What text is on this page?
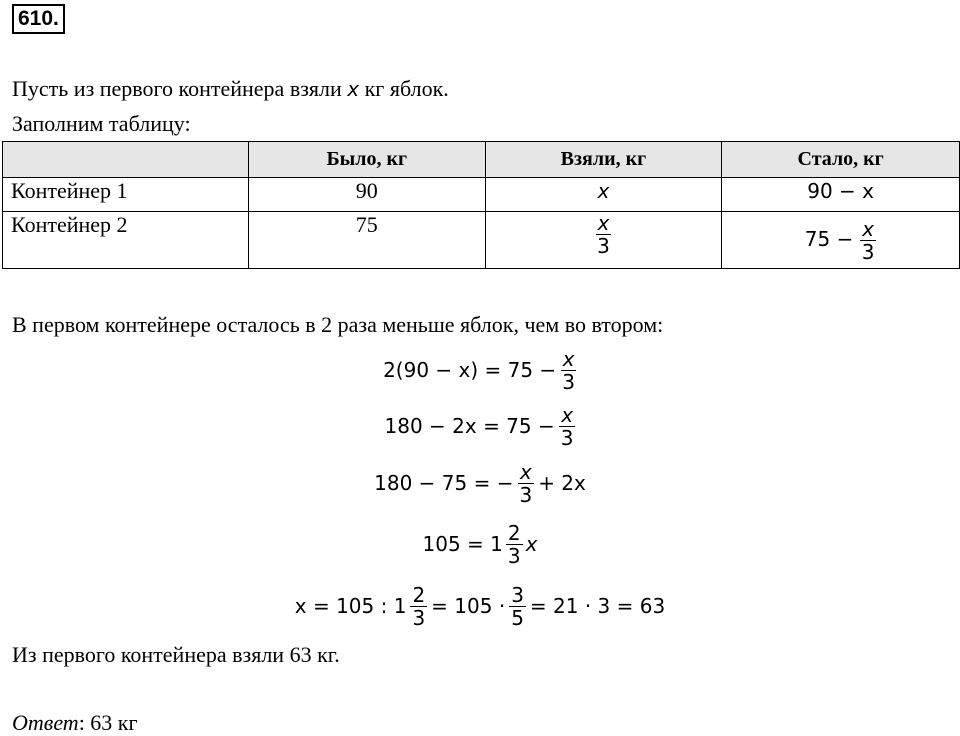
610.
Пусть из первого контейнера взяли x кг яблок.
Заполним таблицу:
	Было, кг	Взяли, кг	Стало, кг
Контейнер 1	90	x	90 − x
Контейнер 2	75	$\frac{x}{3}$	$75 - \frac{x}{3}$
В первом контейнере осталось в 2 раза меньше яблок, чем во втором:
$2(90 - x) = 75 - \frac{x}{3}$
$180 - 2x = 75 - \frac{x}{3}$
180 − 75 = − $\frac{x}{3} + 2x$
$105 = 1 \frac{2}{3}$ x
x = 105 : $1 \frac{2}{3} = 105 \cdot \frac{3}{5} = 21 \cdot 3 = 63$
Из первого контейнера взяли 63 кг.
Ответ: 63 кг
